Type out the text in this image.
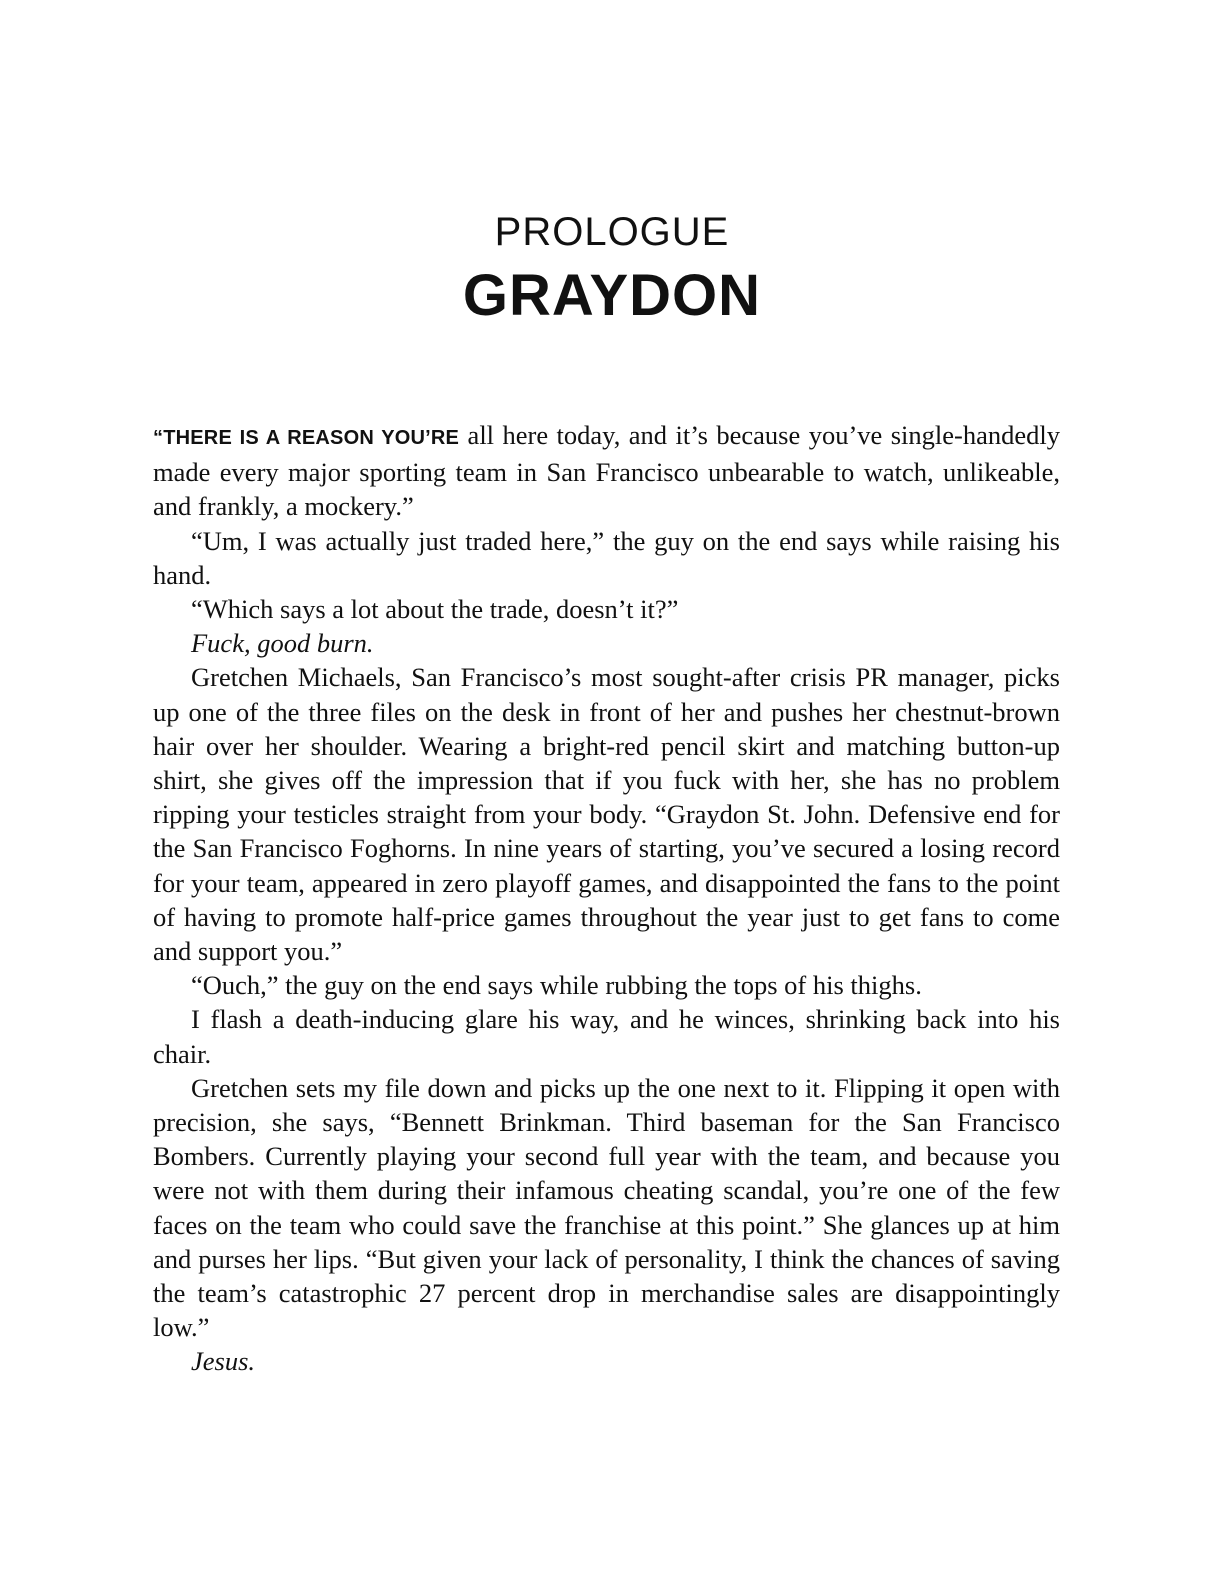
PROLOGUE
GRAYDON

“THERE IS A REASON YOU’RE all here today, and it’s because you’ve single-handedly made every major sporting team in San Francisco unbearable to watch, unlikeable, and frankly, a mockery.”

“Um, I was actually just traded here,” the guy on the end says while raising his hand.

“Which says a lot about the trade, doesn’t it?”

Fuck, good burn.

Gretchen Michaels, San Francisco’s most sought-after crisis PR manager, picks up one of the three files on the desk in front of her and pushes her chestnut-brown hair over her shoulder. Wearing a bright-red pencil skirt and matching button-up shirt, she gives off the impression that if you fuck with her, she has no problem ripping your testicles straight from your body. “Graydon St. John. Defensive end for the San Francisco Foghorns. In nine years of starting, you’ve secured a losing record for your team, appeared in zero playoff games, and disappointed the fans to the point of having to promote half-price games throughout the year just to get fans to come and support you.”

“Ouch,” the guy on the end says while rubbing the tops of his thighs.

I flash a death-inducing glare his way, and he winces, shrinking back into his chair.

Gretchen sets my file down and picks up the one next to it. Flipping it open with precision, she says, “Bennett Brinkman. Third baseman for the San Francisco Bombers. Currently playing your second full year with the team, and because you were not with them during their infamous cheating scandal, you’re one of the few faces on the team who could save the franchise at this point.” She glances up at him and purses her lips. “But given your lack of personality, I think the chances of saving the team’s catastrophic 27 percent drop in merchandise sales are disappointingly low.”

Jesus.
